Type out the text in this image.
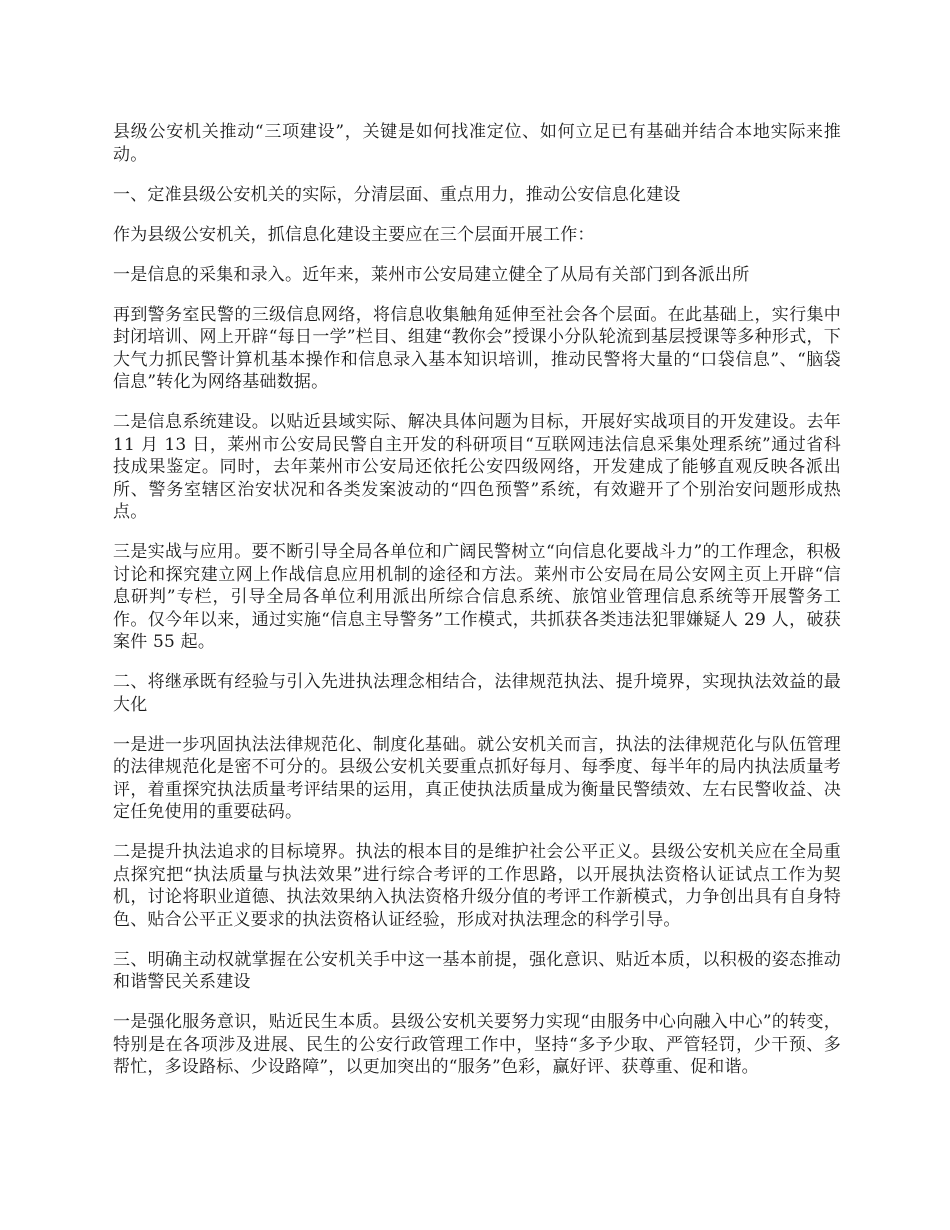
县级公安机关推动“三项建设”，关键是如何找准定位、如何立足已有基础并结合本地实际来推动。

一、定准县级公安机关的实际，分清层面、重点用力，推动公安信息化建设

作为县级公安机关，抓信息化建设主要应在三个层面开展工作：

一是信息的采集和录入。近年来，莱州市公安局建立健全了从局有关部门到各派出所

再到警务室民警的三级信息网络，将信息收集触角延伸至社会各个层面。在此基础上，实行集中封闭培训、网上开辟“每日一学”栏目、组建“教你会”授课小分队轮流到基层授课等多种形式，下大气力抓民警计算机基本操作和信息录入基本知识培训，推动民警将大量的“口袋信息”、“脑袋信息”转化为网络基础数据。

二是信息系统建设。以贴近县域实际、解决具体问题为目标，开展好实战项目的开发建设。去年 11 月 13 日，莱州市公安局民警自主开发的科研项目“互联网违法信息采集处理系统”通过省科技成果鉴定。同时，去年莱州市公安局还依托公安四级网络，开发建成了能够直观反映各派出所、警务室辖区治安状况和各类发案波动的“四色预警”系统，有效避开了个别治安问题形成热点。

三是实战与应用。要不断引导全局各单位和广阔民警树立“向信息化要战斗力”的工作理念，积极讨论和探究建立网上作战信息应用机制的途径和方法。莱州市公安局在局公安网主页上开辟“信息研判”专栏，引导全局各单位利用派出所综合信息系统、旅馆业管理信息系统等开展警务工作。仅今年以来，通过实施“信息主导警务”工作模式，共抓获各类违法犯罪嫌疑人 29 人，破获案件 55 起。

二、将继承既有经验与引入先进执法理念相结合，法律规范执法、提升境界，实现执法效益的最大化

一是进一步巩固执法法律规范化、制度化基础。就公安机关而言，执法的法律规范化与队伍管理的法律规范化是密不可分的。县级公安机关要重点抓好每月、每季度、每半年的局内执法质量考评，着重探究执法质量考评结果的运用，真正使执法质量成为衡量民警绩效、左右民警收益、决定任免使用的重要砝码。

二是提升执法追求的目标境界。执法的根本目的是维护社会公平正义。县级公安机关应在全局重点探究把“执法质量与执法效果”进行综合考评的工作思路，以开展执法资格认证试点工作为契机，讨论将职业道德、执法效果纳入执法资格升级分值的考评工作新模式，力争创出具有自身特色、贴合公平正义要求的执法资格认证经验，形成对执法理念的科学引导。

三、明确主动权就掌握在公安机关手中这一基本前提，强化意识、贴近本质，以积极的姿态推动和谐警民关系建设

一是强化服务意识，贴近民生本质。县级公安机关要努力实现“由服务中心向融入中心”的转变，特别是在各项涉及进展、民生的公安行政管理工作中，坚持“多予少取、严管轻罚，少干预、多帮忙，多设路标、少设路障”，以更加突出的“服务”色彩，赢好评、获尊重、促和谐。
